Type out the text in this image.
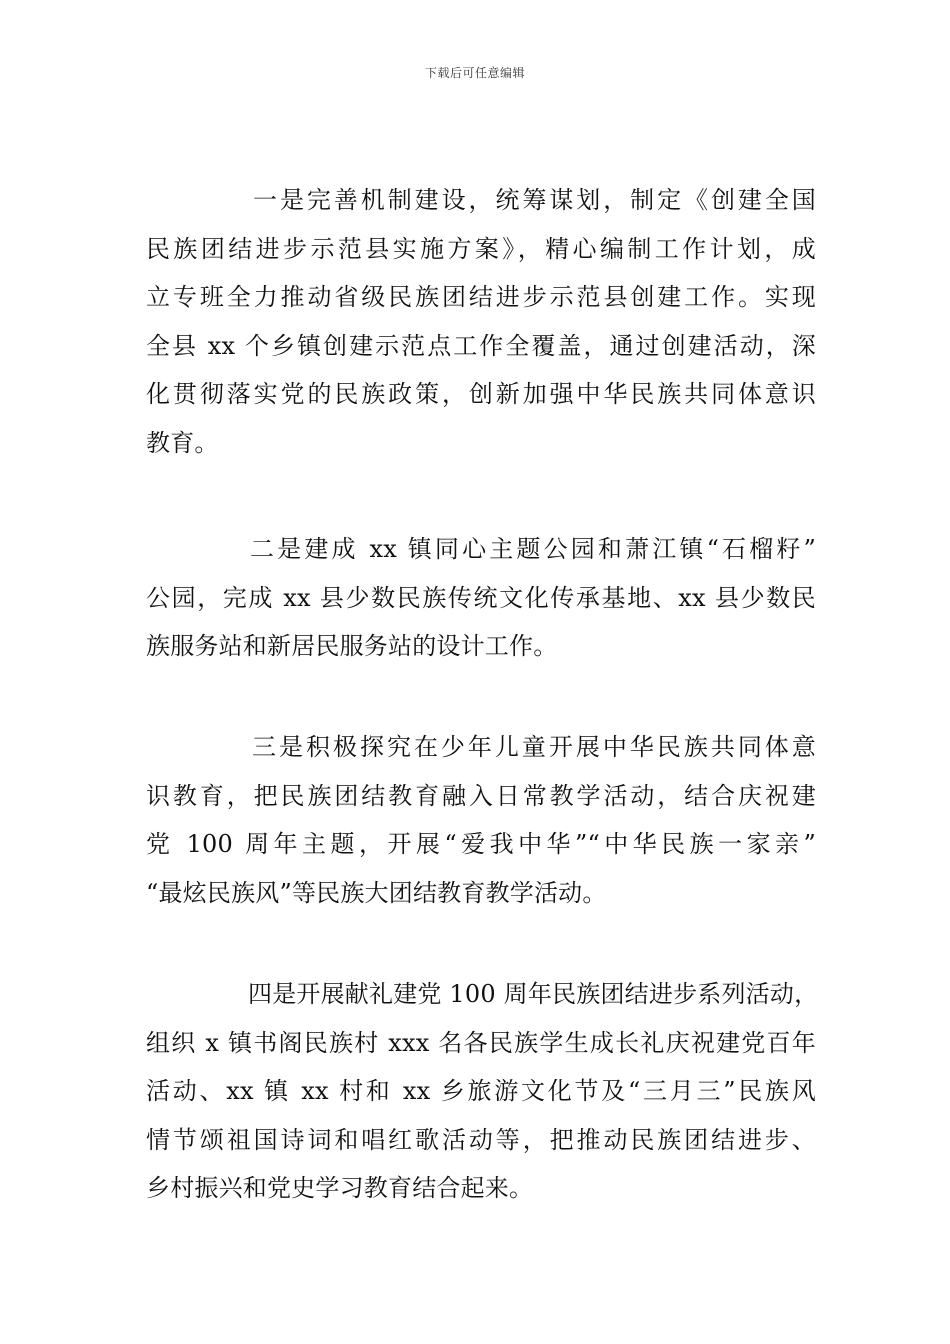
下载后可任意编辑

一是完善机制建设，统筹谋划，制定《创建全国
民族团结进步示范县实施方案》，精心编制工作计划，成
立专班全力推动省级民族团结进步示范县创建工作。实现
全县 xx 个乡镇创建示范点工作全覆盖，通过创建活动，深
化贯彻落实党的民族政策，创新加强中华民族共同体意识
教育。

二是建成 xx 镇同心主题公园和萧江镇“石榴籽”
公园，完成 xx 县少数民族传统文化传承基地、xx 县少数民
族服务站和新居民服务站的设计工作。

三是积极探究在少年儿童开展中华民族共同体意
识教育，把民族团结教育融入日常教学活动，结合庆祝建
党 100 周年主题，开展“爱我中华”“中华民族一家亲”
“最炫民族风”等民族大团结教育教学活动。

四是开展献礼建党 100 周年民族团结进步系列活动，
组织 x 镇书阁民族村 xxx 名各民族学生成长礼庆祝建党百年
活动、xx 镇 xx 村和 xx 乡旅游文化节及“三月三”民族风
情节颂祖国诗词和唱红歌活动等，把推动民族团结进步、
乡村振兴和党史学习教育结合起来。
